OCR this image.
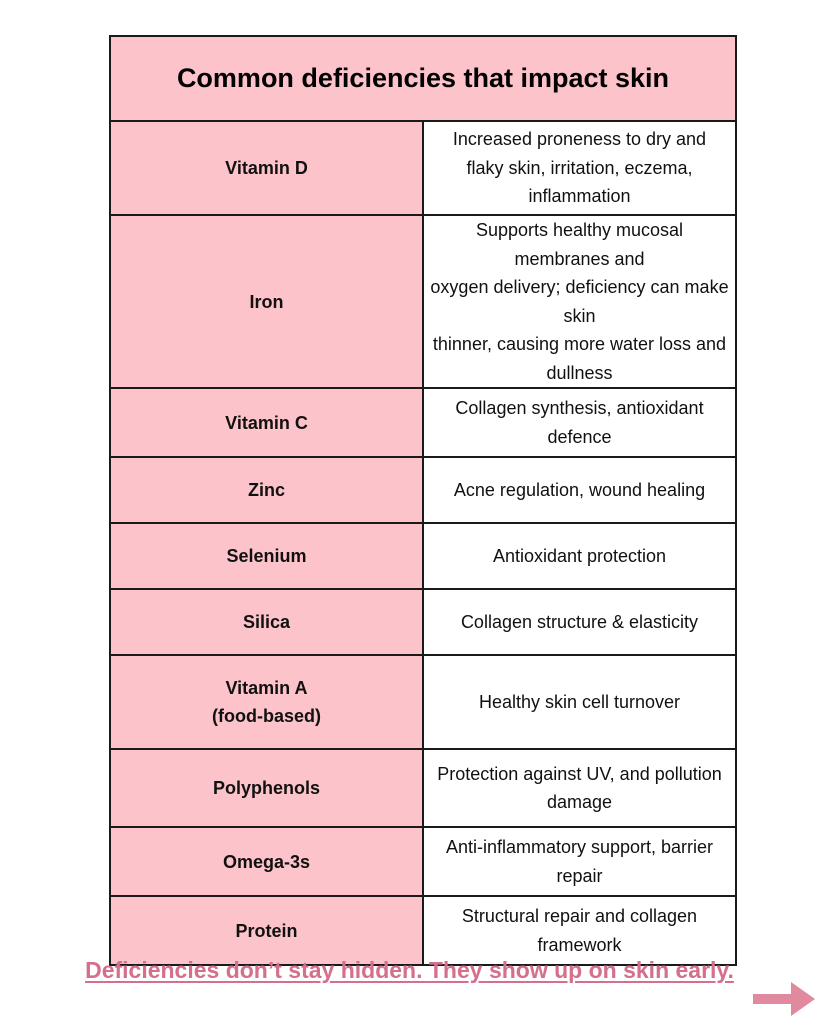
Common deficiencies that impact skin	
Vitamin D	Increased proneness to dry and
flaky skin, irritation, eczema, inflammation
Iron	Supports healthy mucosal membranes and
oxygen delivery; deficiency can make skin
thinner, causing more water loss and dullness
Vitamin C	Collagen synthesis, antioxidant defence
Zinc	Acne regulation, wound healing
Selenium	Antioxidant protection
Silica	Collagen structure & elasticity
Vitamin A
(food-based)	Healthy skin cell turnover
Polyphenols	Protection against UV, and pollution damage
Omega-3s	Anti-inflammatory support, barrier repair
Protein	Structural repair and collagen framework
Deficiencies don’t stay hidden. They show up on skin early.
